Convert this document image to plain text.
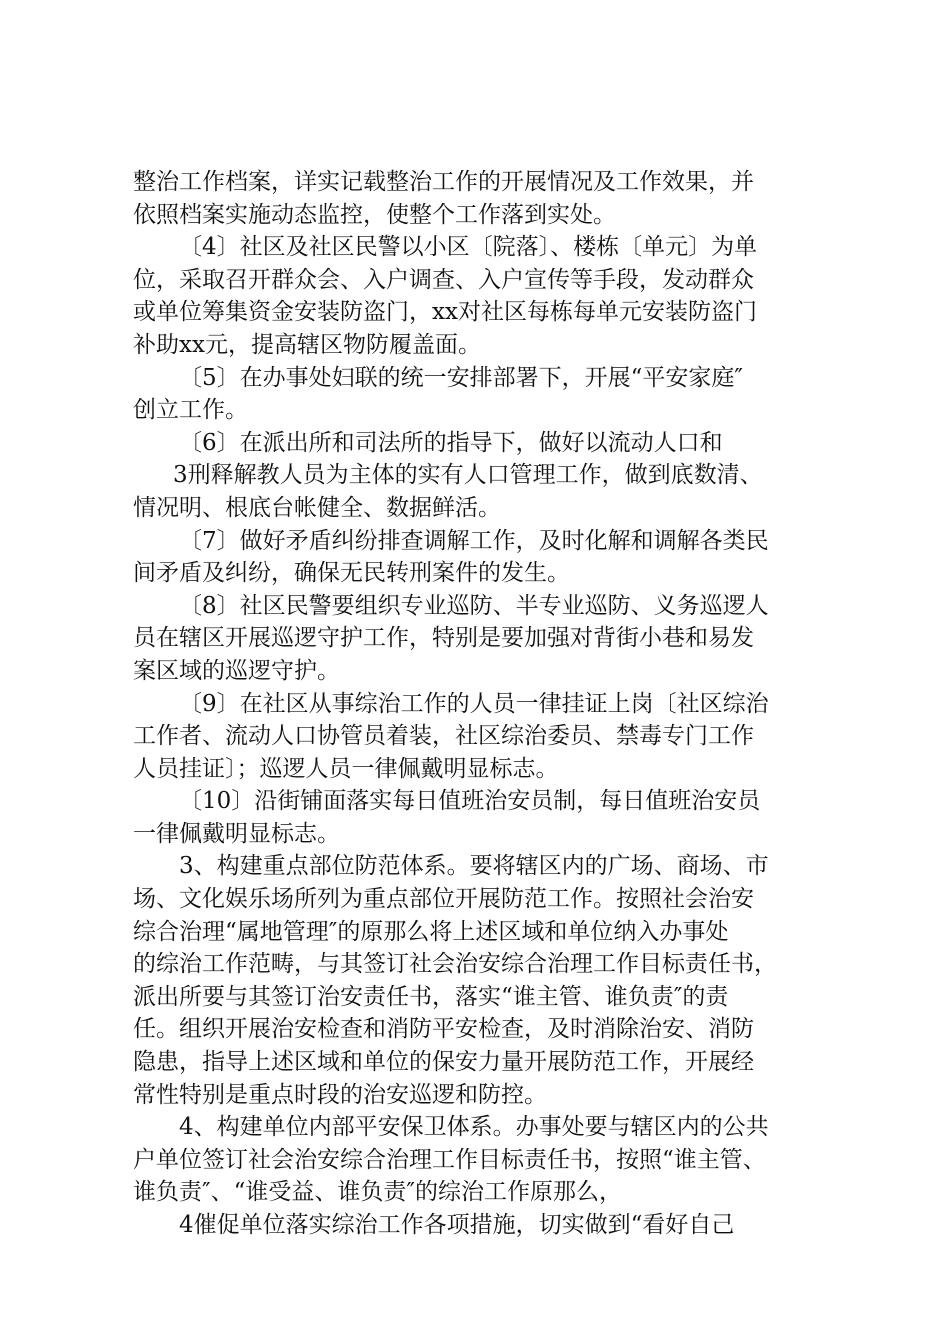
整治工作档案，详实记载整治工作的开展情况及工作效果，并
依照档案实施动态监控，使整个工作落到实处。
〔4〕社区及社区民警以小区〔院落〕、楼栋〔单元〕为单
位，采取召开群众会、入户调查、入户宣传等手段，发动群众
或单位筹集资金安装防盗门，xx对社区每栋每单元安装防盗门
补助xx元，提高辖区物防履盖面。
〔5〕在办事处妇联的统一安排部署下，开展“平安家庭″
创立工作。
〔6〕在派出所和司法所的指导下，做好以流动人口和
3刑释解教人员为主体的实有人口管理工作，做到底数清、
情况明、根底台帐健全、数据鲜活。
〔7〕做好矛盾纠纷排查调解工作，及时化解和调解各类民
间矛盾及纠纷，确保无民转刑案件的发生。
〔8〕社区民警要组织专业巡防、半专业巡防、义务巡逻人
员在辖区开展巡逻守护工作，特别是要加强对背街小巷和易发
案区域的巡逻守护。
〔9〕在社区从事综治工作的人员一律挂证上岗〔社区综治
工作者、流动人口协管员着装，社区综治委员、禁毒专门工作
人员挂证〕；巡逻人员一律佩戴明显标志。
〔10〕沿街铺面落实每日值班治安员制，每日值班治安员
一律佩戴明显标志。
3、构建重点部位防范体系。要将辖区内的广场、商场、市
场、文化娱乐场所列为重点部位开展防范工作。按照社会治安
综合治理“属地管理″的原那么将上述区域和单位纳入办事处
的综治工作范畴，与其签订社会治安综合治理工作目标责任书，
派出所要与其签订治安责任书，落实“谁主管、谁负责″的责
任。组织开展治安检查和消防平安检查，及时消除治安、消防
隐患，指导上述区域和单位的保安力量开展防范工作，开展经
常性特别是重点时段的治安巡逻和防控。
4、构建单位内部平安保卫体系。办事处要与辖区内的公共
户单位签订社会治安综合治理工作目标责任书，按照“谁主管、
谁负责″、“谁受益、谁负责″的综治工作原那么，
4催促单位落实综治工作各项措施，切实做到“看好自己
